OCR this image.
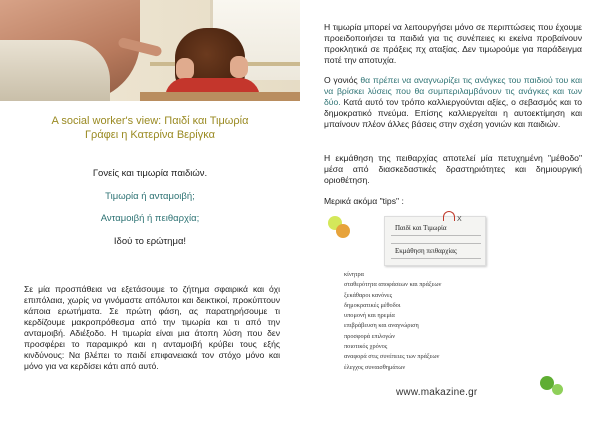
A social worker's view: Παιδί και Τιμωρία
Γράφει η Κατερίνα Βερίγκα
Γονείς και τιμωρία παιδιών.
Τιμωρία ή ανταμοιβή;
Ανταμοιβή ή πειθαρχία;
Ιδού το ερώτημα!
Σε μία προσπάθεια να εξετάσουμε το ζήτημα σφαιρικά και όχι επιπόλαια, χωρίς να γινόμαστε απόλυτοι και δεικτικοί, προκύπτουν κάποια ερωτήματα. Σε πρώτη φάση, ας παρατηρήσουμε τι κερδίζουμε μακροπρόθεσμα από την τιμωρία και τι από την ανταμοιβή. Αδιέξοδο. Η τιμωρία είναι μια άτοπη λύση που δεν προσφέρει το παραμικρό και η ανταμοιβή κρύβει τους εξής κινδύνους: Να βλέπει το παιδί επιφανειακά τον στόχο μόνο και μόνο για να κερδίσει κάτι από αυτό.
Η τιμωρία μπορεί να λειτουργήσει μόνο σε περιπτώσεις που έχουμε προειδοποιήσει τα παιδιά για τις συνέπειες κι εκείνα προβαίνουν προκλητικά σε πράξεις πχ αταξίας. Δεν τιμωρούμε για παράδειγμα ποτέ την αποτυχία.
Ο γονιός θα πρέπει να αναγνωρίζει τις ανάγκες του παιδιού του και να βρίσκει λύσεις που θα συμπεριλαμβάνουν τις ανάγκες και των δύο. Κατά αυτό τον τρόπο καλλιεργούνται αξίες, ο σεβασμός και το δημοκρατικό πνεύμα. Επίσης καλλιεργείται η αυτοεκτίμηση και μπαίνουν πλέον άλλες βάσεις στην σχέση γονιών και παιδιών.
Η εκμάθηση της πειθαρχίας αποτελεί μία πετυχημένη "μέθοδο" μέσα από διασκεδαστικές δραστηριότητες και δημιουργική οριοθέτηση.
Μερικά ακόμα "tips" :
X
Παιδί και Τιμωρία
Εκμάθηση πειθαρχίας
κίνητρα
σταθερότητα αποφάσεων και πράξεων
ξεκάθαροι κανόνες
δημοκρατικές μέθοδοι
υπομονή και ηρεμία
επιβράβευση και αναγνώριση
προσφορά επιλογών
ποιοτικός χρόνος
αναφορά στις συνέπειες των πράξεων
έλεγχος συναισθημάτων
www.makazine.gr
